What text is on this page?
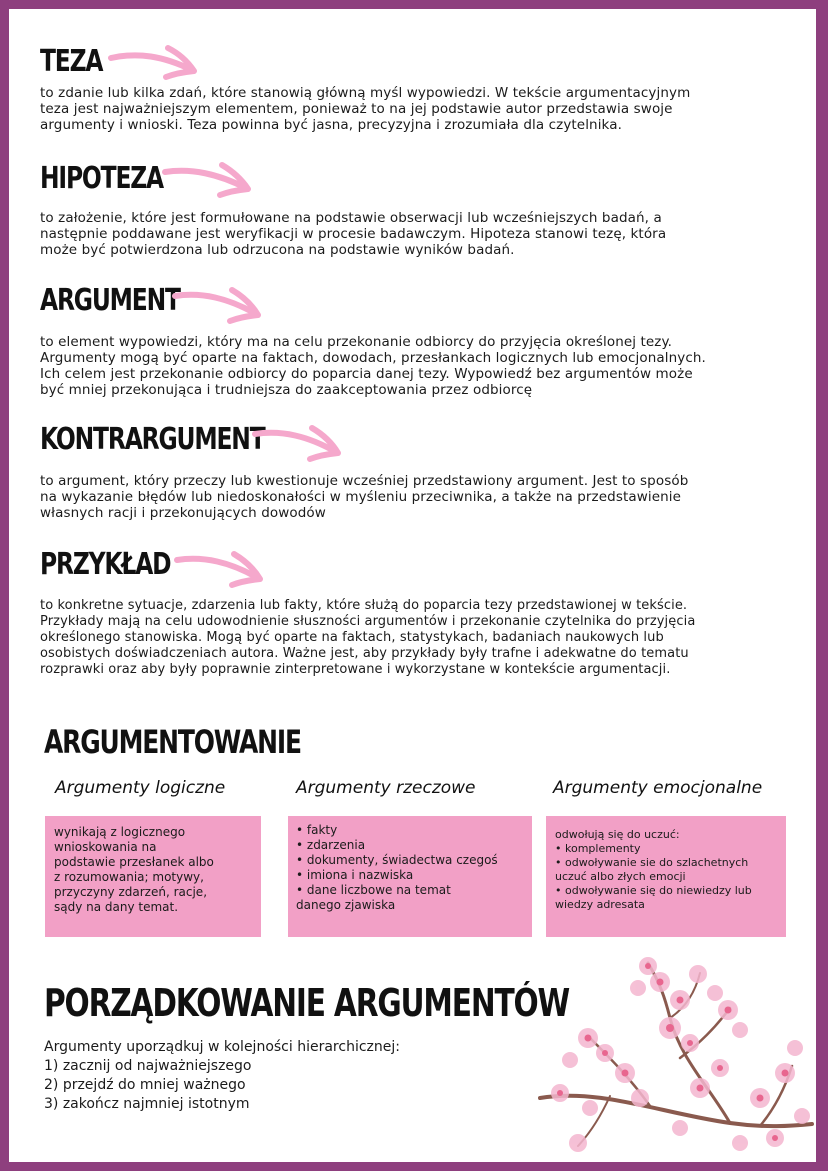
TEZA
to zdanie lub kilka zdań, które stanowią główną myśl wypowiedzi. W tekście argumentacyjnym
teza jest najważniejszym elementem, ponieważ to na jej podstawie autor przedstawia swoje
argumenty i wnioski. Teza powinna być jasna, precyzyjna i zrozumiała dla czytelnika.
HIPOTEZA
to założenie, które jest formułowane na podstawie obserwacji lub wcześniejszych badań, a
następnie poddawane jest weryfikacji w procesie badawczym. Hipoteza stanowi tezę, która
może być potwierdzona lub odrzucona na podstawie wyników badań.
ARGUMENT
to element wypowiedzi, który ma na celu przekonanie odbiorcy do przyjęcia określonej tezy.
Argumenty mogą być oparte na faktach, dowodach, przesłankach logicznych lub emocjonalnych.
Ich celem jest przekonanie odbiorcy do poparcia danej tezy. Wypowiedź bez argumentów może
być mniej przekonująca i trudniejsza do zaakceptowania przez odbiorcę
KONTRARGUMENT
to argument, który przeczy lub kwestionuje wcześniej przedstawiony argument. Jest to sposób
na wykazanie błędów lub niedoskonałości w myśleniu przeciwnika, a także na przedstawienie
własnych racji i przekonujących dowodów
PRZYKŁAD
to konkretne sytuacje, zdarzenia lub fakty, które służą do poparcia tezy przedstawionej w tekście.
Przykłady mają na celu udowodnienie słuszności argumentów i przekonanie czytelnika do przyjęcia
określonego stanowiska. Mogą być oparte na faktach, statystykach, badaniach naukowych lub
osobistych doświadczeniach autora. Ważne jest, aby przykłady były trafne i adekwatne do tematu
rozprawki oraz aby były poprawnie zinterpretowane i wykorzystane w kontekście argumentacji.
ARGUMENTOWANIE
Argumenty logiczne	Argumenty rzeczowe	Argumenty emocjonalne
wynikają z logicznego
wnioskowania na
podstawie przesłanek albo
z rozumowania; motywy,
przyczyny zdarzeń, racje,
sądy na dany temat.
• fakty
• zdarzenia
• dokumenty, świadectwa czegoś
• imiona i nazwiska
• dane liczbowe na temat
danego zjawiska
odwołują się do uczuć:
• komplementy
• odwoływanie sie do szlachetnych
uczuć albo złych emocji
• odwoływanie się do niewiedzy lub
wiedzy adresata
PORZĄDKOWANIE ARGUMENTÓW
Argumenty uporządkuj w kolejności hierarchicznej:
1) zacznij od najważniejszego
2) przejdź do mniej ważnego
3) zakończ najmniej istotnym
